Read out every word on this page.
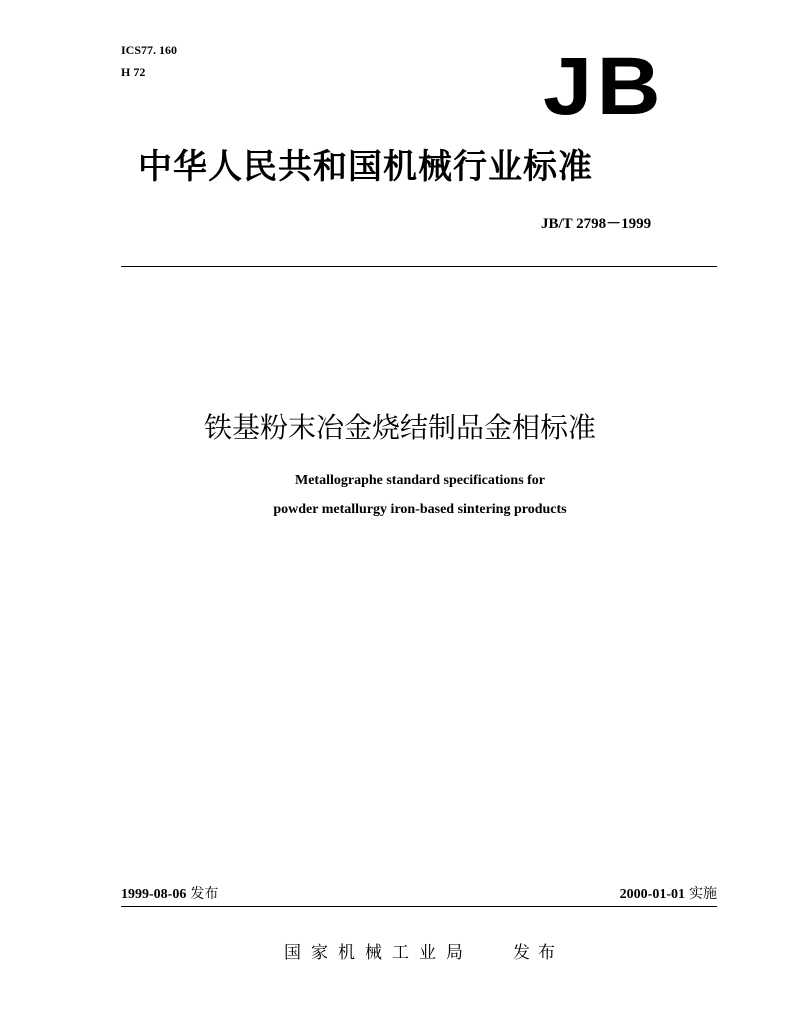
ICS77. 160
H 72	JB
中华人民共和国机械行业标准
JB/T 2798－1999
铁基粉末冶金烧结制品金相标准
Metallographe standard specifications for
powder metallurgy iron-based sintering products
1999-08-06 发布	2000-01-01 实施
国家机械工业局 发布
